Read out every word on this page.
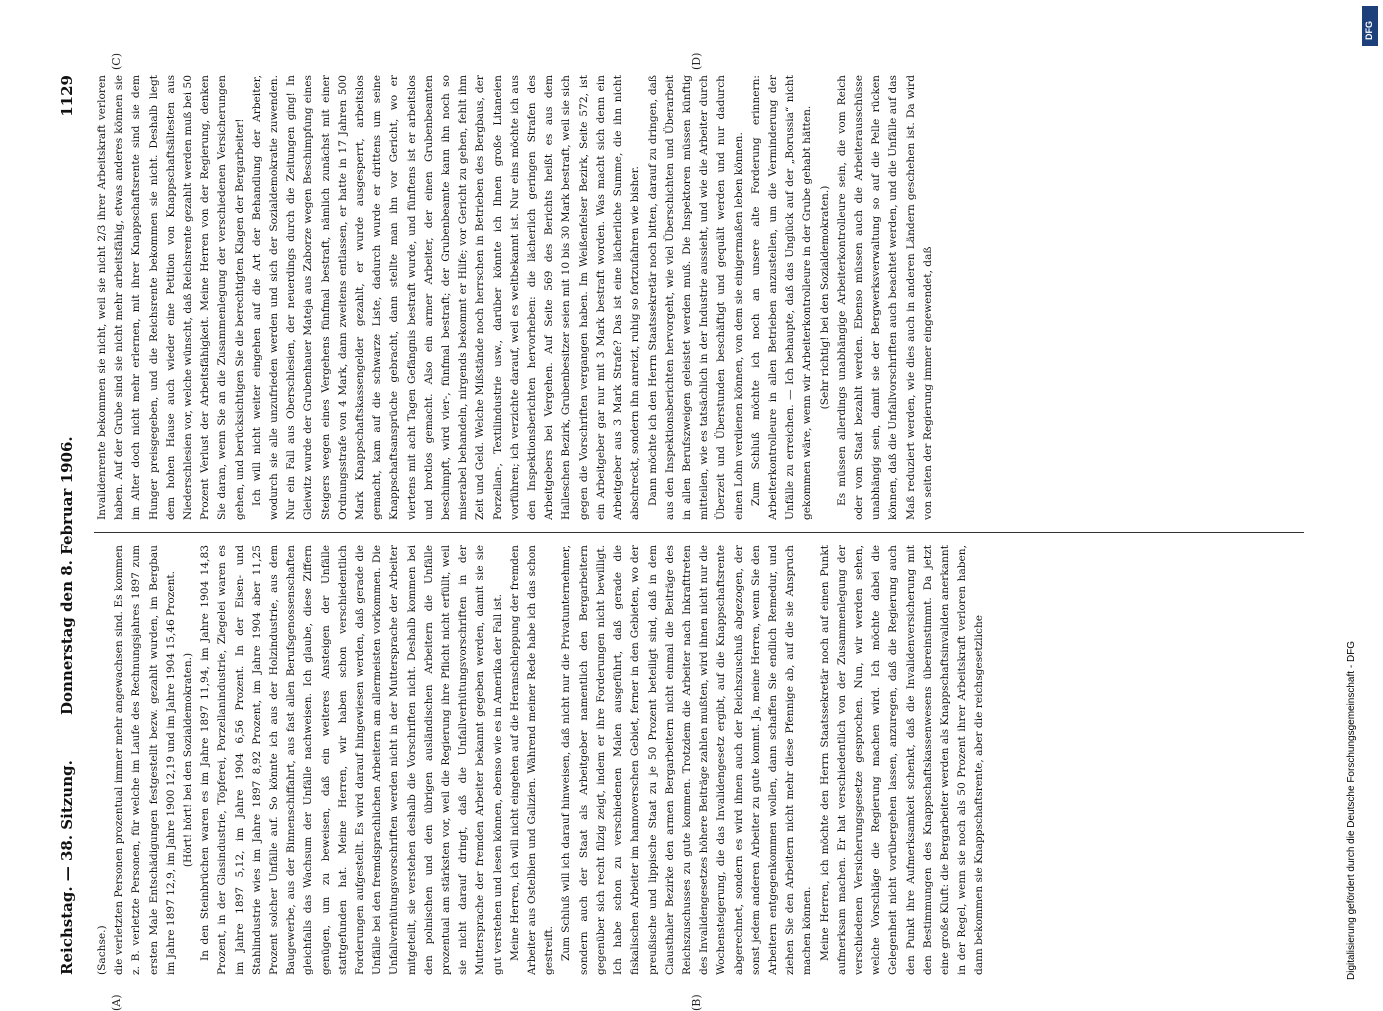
Reichstag. — 38. Sitzung.
Donnerstag den 8. Februar 1906.
1129

(Sachse.) die verletzten Personen prozentual immer mehr angewachsen sind. Es kommen z. B. verletzte Personen, für welche im Laufe des Rechnungsjahres 1897 zum ersten Male Entschädigungen festgestellt bezw. gezahlt wurden, im Bergbau im Jahre 1897 12,9, im Jahre 1900 12,19 und im Jahre 1904 15,46 Prozent. (Hört! hört! bei den Sozialdemokraten.) In den Steinbrüchen waren es im Jahre 1897 11,94, im Jahre 1904 14,83 Prozent, in der Glasindustrie, Töpferei, Porzellanindustrie, Ziegelei waren es im Jahre 1897 5,12, im Jahre 1904 6,56 Prozent. In der Eisen- und Stahlindustrie wies im Jahre 1897 8,92 Prozent, im Jahre 1904 aber 11,25 Prozent solcher Unfälle auf. So könnte ich aus der Holzindustrie, aus dem Baugewerbe, aus der Binnenschiffahrt, aus fast allen Berufsgenossenschaften gleichfalls das Wachsum der Unfälle nachweisen. Ich glaube, diese Ziffern genügen, um zu beweisen, daß ein weiteres Ansteigen der Unfälle stattgefunden hat. Meine Herren, wir haben schon verschiedentlich Forderungen aufgestellt. Es wird darauf hingewiesen werden, daß gerade die Unfälle bei den fremdsprachlichen Arbeitern am allermeisten vorkommen. Die Unfallverhütungsvorschriften werden nicht in der Muttersprache der Arbeiter mitgeteilt, sie verstehen deshalb die Vorschriften nicht. Deshalb kommen bei den polnischen und den übrigen ausländischen Arbeitern die Unfälle prozentual am stärksten vor, weil die Regierung ihre Pflicht nicht erfüllt, weil sie nicht darauf dringt, daß die Unfallverhütungsvorschriften in der Muttersprache der fremden Arbeiter bekannt gegeben werden, damit sie sie gut verstehen und lesen können, ebenso wie es in Amerika der Fall ist. Meine Herren, ich will nicht eingehen auf die Heranschleppung der fremden Arbeiter aus Ostelbien und Galizien. Während meiner Rede habe ich das schon gestreift. Zum Schluß will ich darauf hinweisen, daß nicht nur die Privatunternehmer, sondern auch der Staat als Arbeitgeber namentlich den Bergarbeitern gegenüber sich recht filzig zeigt, indem er ihre Forderungen nicht bewilligt. Ich habe schon zu verschiedenen Malen ausgeführt, daß gerade die fiskalischen Arbeiter im hannoverschen Gebiet, ferner in den Gebieten, wo der preußische und lippische Staat zu je 50 Prozent beteiligt sind, daß in dem Clausthaler Bezirke den armen Bergarbeitern nicht einmal die Beiträge des Reichszuschusses zu gute kommen. Trotzdem die Arbeiter nach Inkrafttreten des Invalidengesetzes höhere Beiträge zahlen mußten, wird ihnen nicht nur die Wochensteigerung, die das Invalidengesetz ergibt, auf die Knappschaftsrente abgerechnet, sondern es wird ihnen auch der Reichszuschuß abgezogen, der sonst jedem anderen Arbeiter zu gute kommt. Ja, meine Herren, wenn Sie den Arbeitern entgegenkommen wollen, dann schaffen Sie endlich Remedur, und ziehen Sie den Arbeitern nicht mehr diese Pfennige ab, auf die sie Anspruch machen können. Meine Herren, ich möchte den Herrn Staatssekretär noch auf einen Punkt aufmerksam machen. Er hat verschiedentlich von der Zusammenlegung der verschiedenen Versicherungsgesetze gesprochen. Nun, wir werden sehen, welche Vorschläge die Regierung machen wird. Ich möchte dabei die Gelegenheit nicht vorübergehen lassen, anzuregen, daß die Regierung auch den Punkt ihre Aufmerksamkeit schenkt, daß die Invalidenversicherung mit den Bestimmungen des Knappschaftskassenwesens übereinstimmt. Da jetzt eine große Kluft: die Bergarbeiter werden als Knappschaftsinvaliden anerkannt in der Regel, wenn sie noch als 50 Prozent ihrer Arbeitskraft verloren haben, dann bekommen sie Knappschaftsrente, aber die reichsgesetzliche

Invalidenrente bekommen sie nicht, weil sie nicht 2/3 ihrer Arbeitskraft verloren haben. Auf der Grube sind sie nicht mehr arbeitsfähig, etwas anderes können sie im Alter doch nicht mehr erlernen, mit ihrer Knappschaftsrente sind sie dem Hunger preisgegeben, und die Reichsrente bekommen sie nicht. Deshalb liegt dem hohen Hause auch wieder eine Petition von Knappschaftsältesten aus Niederschlesien vor, welche wünscht, daß Reichsrente gezahlt werden muß bei 50 Prozent Verlust der Arbeitsfähigkeit. Meine Herren von der Regierung, denken Sie daran, wenn Sie an die Zusammenlegung der verschiedenen Versicherungen gehen, und berücksichtigen Sie die berechtigten Klagen der Bergarbeiter! Ich will nicht weiter eingehen auf die Art der Behandlung der Arbeiter, wodurch sie alle unzufrieden werden und sich der Sozialdemokratie zuwenden. Nur ein Fall aus Oberschlesien, der neuerdings durch die Zeitungen ging! In Gleiwitz wurde der Grubenhauer Mateja aus Zaborze wegen Beschimpfung eines Steigers wegen eines Vergehens fünfmal bestraft, nämlich zunächst mit einer Ordnungsstrafe von 4 Mark, dann zweitens entlassen, er hatte in 17 Jahren 500 Mark Knappschaftskassengelder gezahlt, er wurde ausgesperrt, arbeitslos gemacht, kam auf die schwarze Liste, dadurch wurde er drittens um seine Knappschaftsansprüche gebracht, dann stellte man ihn vor Gericht, wo er viertens mit acht Tagen Gefängnis bestraft wurde, und fünftens ist er arbeitslos und brotlos gemacht. Also ein armer Arbeiter, der einen Grubenbeamten beschimpft, wird vier-, fünfmal bestraft; der Grubenbeamte kann ihn noch so miserabel behandeln, nirgends bekommt er Hilfe; vor Gericht zu gehen, fehlt ihm Zeit und Geld. Welche Mißstände noch herrschen in Betrieben des Bergbaus, der Porzellan-, Textilindustrie usw., darüber könnte ich Ihnen große Litaneien vorführen; ich verzichte darauf, weil es weltbekannt ist. Nur eins möchte ich aus den Inspektionsberichten hervorheben: die lächerlich geringen Strafen des Arbeitgebers bei Vergehen. Auf Seite 569 des Berichts heißt es aus dem Halleschen Bezirk, Grubenbesitzer seien mit 10 bis 30 Mark bestraft, weil sie sich gegen die Vorschriften vergangen haben. Im Weißenfelser Bezirk, Seite 572, ist ein Arbeitgeber gar nur mit 3 Mark bestraft worden. Was macht sich denn ein Arbeitgeber aus 3 Mark Strafe? Das ist eine lächerliche Summe, die ihn nicht abschreckt, sondern ihn anreizt, ruhig so fortzufahren wie bisher. Dann möchte ich den Herrn Staatssekretär noch bitten, darauf zu dringen, daß aus den Inspektionsberichten hervorgeht, wie viel Überschichten und Überarbeit in allen Berufszweigen geleistet werden muß. Die Inspektoren müssen künftig mitteilen, wie es tatsächlich in der Industrie aussieht, und wie die Arbeiter durch Überzeit und Überstunden beschäftigt und gequält werden und nur dadurch einen Lohn verdienen können, von dem sie einigermaßen leben können. Zum Schluß möchte ich noch an unsere alte Forderung erinnern: Arbeiterkontrolleure in allen Betrieben anzustellen, um die Verminderung der Unfälle zu erreichen. — Ich behaupte, daß das Unglück auf der „Borussia“ nicht gekommen wäre, wenn wir Arbeiterkontrolleure in der Grube gehabt hätten. (Sehr richtig! bei den Sozialdemokraten.) Es müssen allerdings unabhängige Arbeiterkontrolleure sein, die vom Reich oder vom Staat bezahlt werden. Ebenso müssen auch die Arbeiterausschüsse unabhängig sein, damit sie der Bergwerksverwaltung so auf die Pelle rücken können, daß die Unfallvorschriften auch beachtet werden, und die Unfälle auf das Maß reduziert werden, wie dies auch in anderen Ländern geschehen ist. Da wird von seiten der Regierung immer eingewendet, daß

(A)	(B)
(C)	(D)
Digitalisierung gefördert durch die Deutsche Forschungsgemeinschaft - DFG
DFG
